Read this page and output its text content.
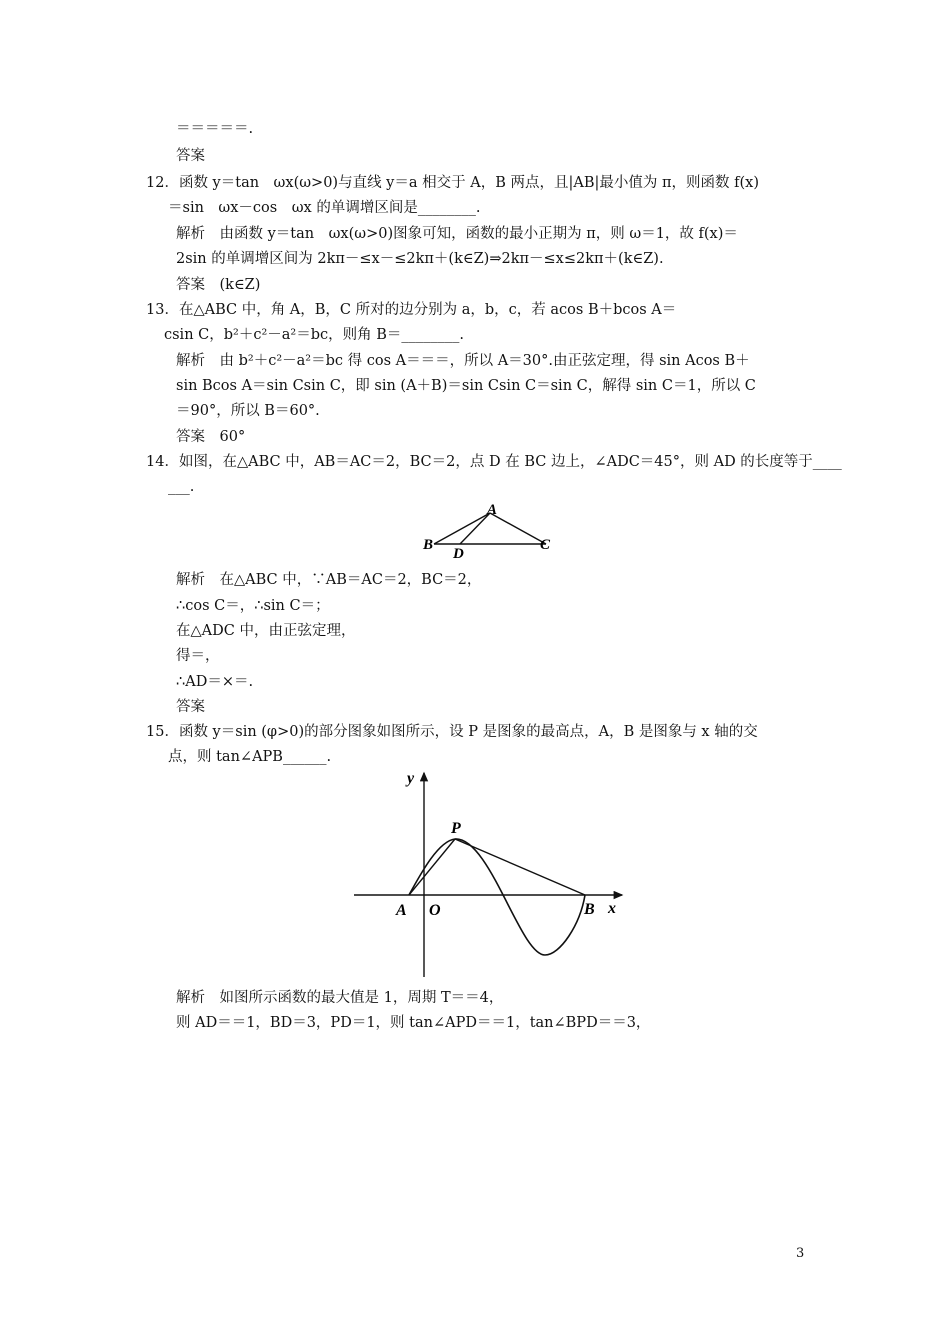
＝＝＝＝＝.
答案
12．函数 y＝tan　ωx(ω>0)与直线 y＝a 相交于 A，B 两点，且|AB|最小值为 π，则函数 f(x)
＝sin　ωx－cos　ωx 的单调增区间是________.
解析　由函数 y＝tan　ωx(ω>0)图象可知，函数的最小正期为 π，则 ω＝1，故 f(x)＝
2sin 的单调增区间为 2kπ－≤x－≤2kπ＋(k∈Z)⇒2kπ－≤x≤2kπ＋(k∈Z).
答案　(k∈Z)
13．在△ABC 中，角 A，B，C 所对的边分别为 a，b，c，若 acos B＋bcos A＝
csin C，b²＋c²－a²＝bc，则角 B＝________.
解析　由 b²＋c²－a²＝bc 得 cos A＝＝＝，所以 A＝30°.由正弦定理，得 sin Acos B＋
sin Bcos A＝sin Csin C，即 sin (A＋B)＝sin Csin C＝sin C，解得 sin C＝1，所以 C
＝90°，所以 B＝60°.
答案　60°
14．如图，在△ABC 中，AB＝AC＝2，BC＝2，点 D 在 BC 边上，∠ADC＝45°，则 AD 的长度等于____
___.
A
B	C
D
解析　在△ABC 中，∵AB＝AC＝2，BC＝2，
∴cos C＝，∴sin C＝；
在△ADC 中，由正弦定理，
得＝，
∴AD＝×＝.
答案
15．函数 y＝sin (φ>0)的部分图象如图所示，设 P 是图象的最高点，A，B 是图象与 x 轴的交
点，则 tan∠APB______.
y
x
P
A O	B
解析　如图所示函数的最大值是 1，周期 T＝＝4，
则 AD＝＝1，BD＝3，PD＝1，则 tan∠APD＝＝1，tan∠BPD＝＝3，
3
